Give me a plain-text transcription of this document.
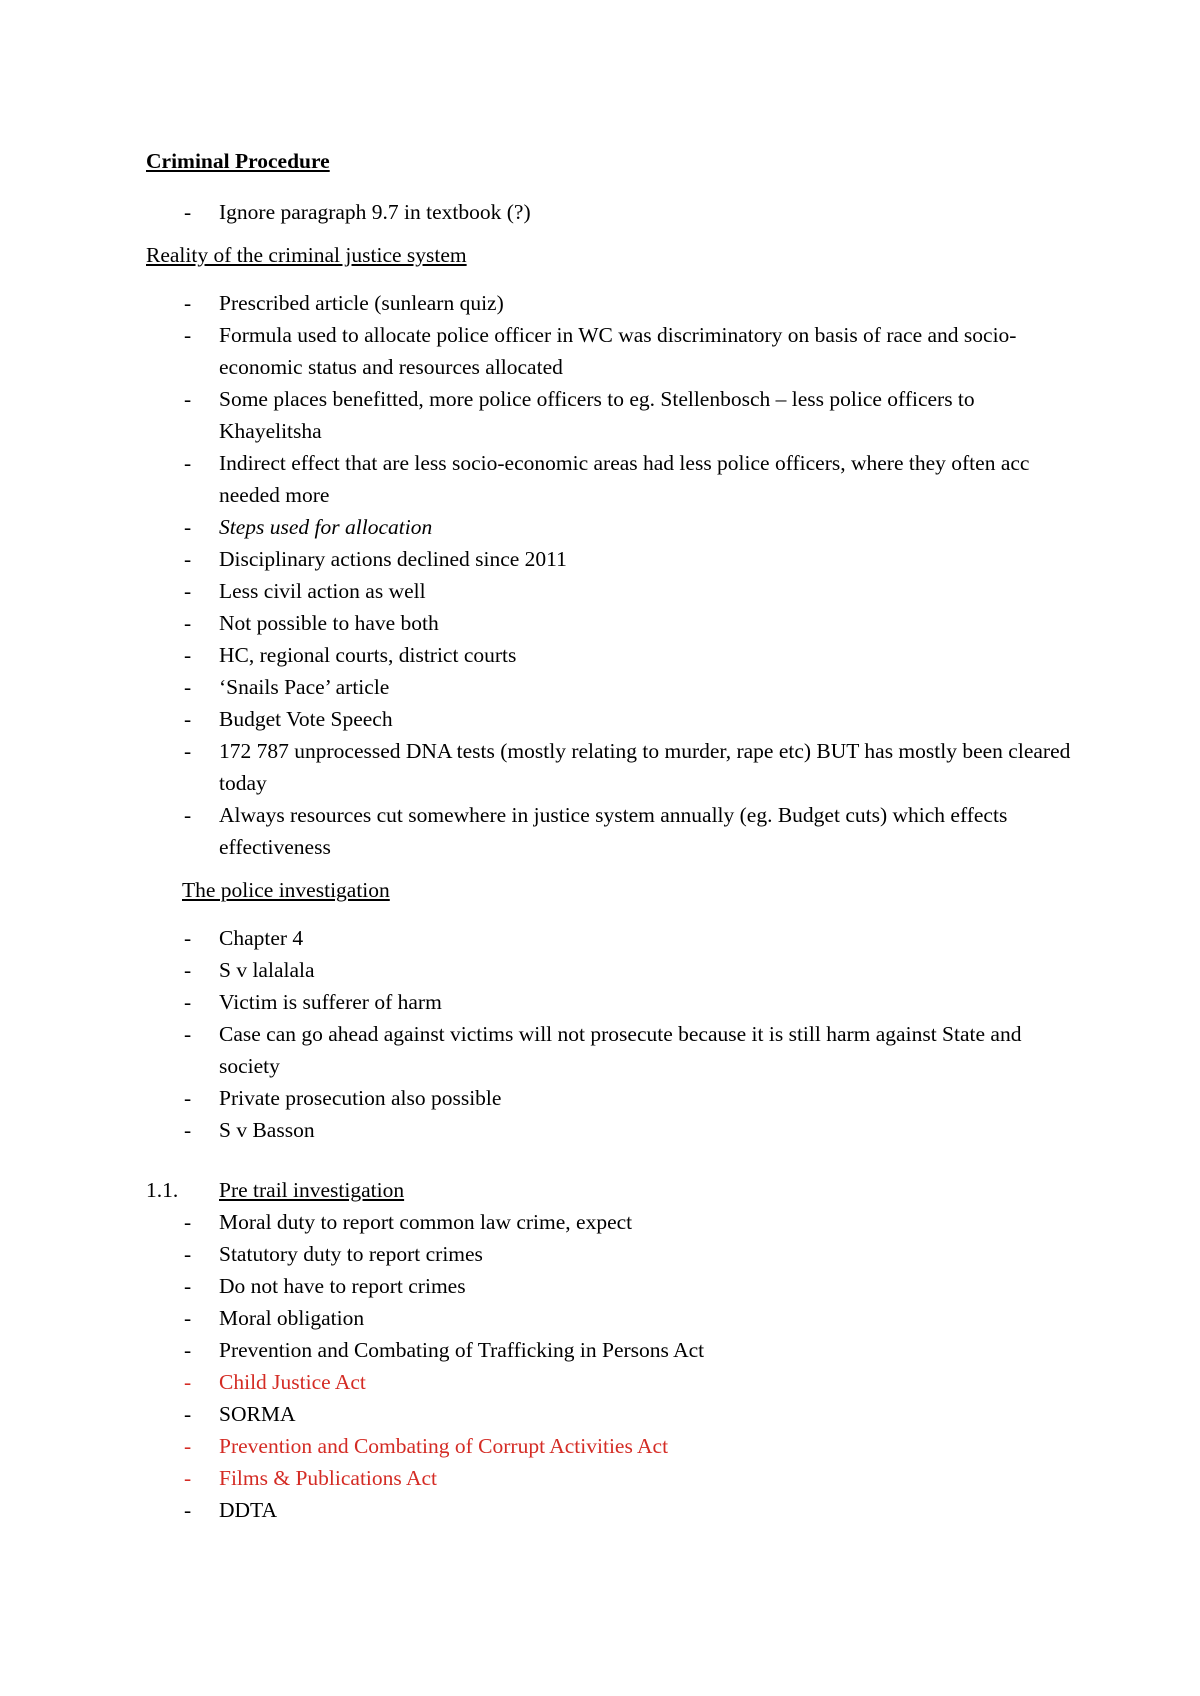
Criminal Procedure
- Ignore paragraph 9.7 in textbook (?)
Reality of the criminal justice system
- Prescribed article (sunlearn quiz)
- Formula used to allocate police officer in WC was discriminatory on basis of race and socio-economic status and resources allocated
- Some places benefitted, more police officers to eg. Stellenbosch – less police officers to Khayelitsha
- Indirect effect that are less socio-economic areas had less police officers, where they often acc needed more
- Steps used for allocation
- Disciplinary actions declined since 2011
- Less civil action as well
- Not possible to have both
- HC, regional courts, district courts
- ‘Snails Pace’ article
- Budget Vote Speech
- 172 787 unprocessed DNA tests (mostly relating to murder, rape etc) BUT has mostly been cleared today
- Always resources cut somewhere in justice system annually (eg. Budget cuts) which effects effectiveness
The police investigation
- Chapter 4
- S v lalalala
- Victim is sufferer of harm
- Case can go ahead against victims will not prosecute because it is still harm against State and society
- Private prosecution also possible
- S v Basson
1.1. Pre trail investigation
- Moral duty to report common law crime, expect
- Statutory duty to report crimes
- Do not have to report crimes
- Moral obligation
- Prevention and Combating of Trafficking in Persons Act
- Child Justice Act
- SORMA
- Prevention and Combating of Corrupt Activities Act
- Films & Publications Act
- DDTA
